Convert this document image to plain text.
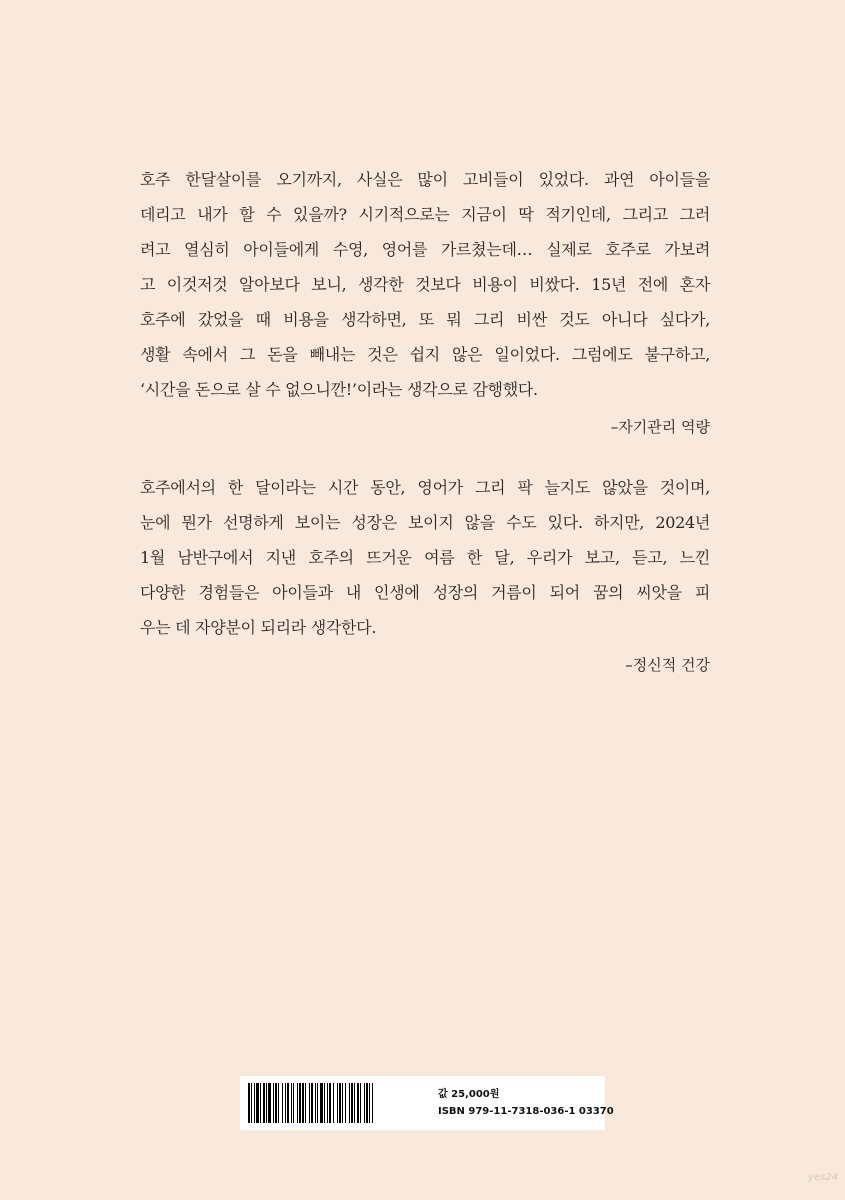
호주 한달살이를 오기까지, 사실은 많이 고비들이 있었다. 과연 아이들을
데리고 내가 할 수 있을까? 시기적으로는 지금이 딱 적기인데, 그리고 그러
려고 열심히 아이들에게 수영, 영어를 가르쳤는데… 실제로 호주로 가보려
고 이것저것 알아보다 보니, 생각한 것보다 비용이 비쌌다. 15년 전에 혼자
호주에 갔었을 때 비용을 생각하면, 또 뭐 그리 비싼 것도 아니다 싶다가,
생활 속에서 그 돈을 빼내는 것은 쉽지 않은 일이었다. 그럼에도 불구하고,
‘시간을 돈으로 살 수 없으니깐!’이라는 생각으로 감행했다.
–자기관리 역량
호주에서의 한 달이라는 시간 동안, 영어가 그리 팍 늘지도 않았을 것이며,
눈에 뭔가 선명하게 보이는 성장은 보이지 않을 수도 있다. 하지만, 2024년
1월 남반구에서 지낸 호주의 뜨거운 여름 한 달, 우리가 보고, 듣고, 느낀
다양한 경험들은 아이들과 내 인생에 성장의 거름이 되어 꿈의 씨앗을 피
우는 데 자양분이 되리라 생각한다.
–정신적 건강
값 25,000원
ISBN 979-11-7318-036-1 03370
yes24
